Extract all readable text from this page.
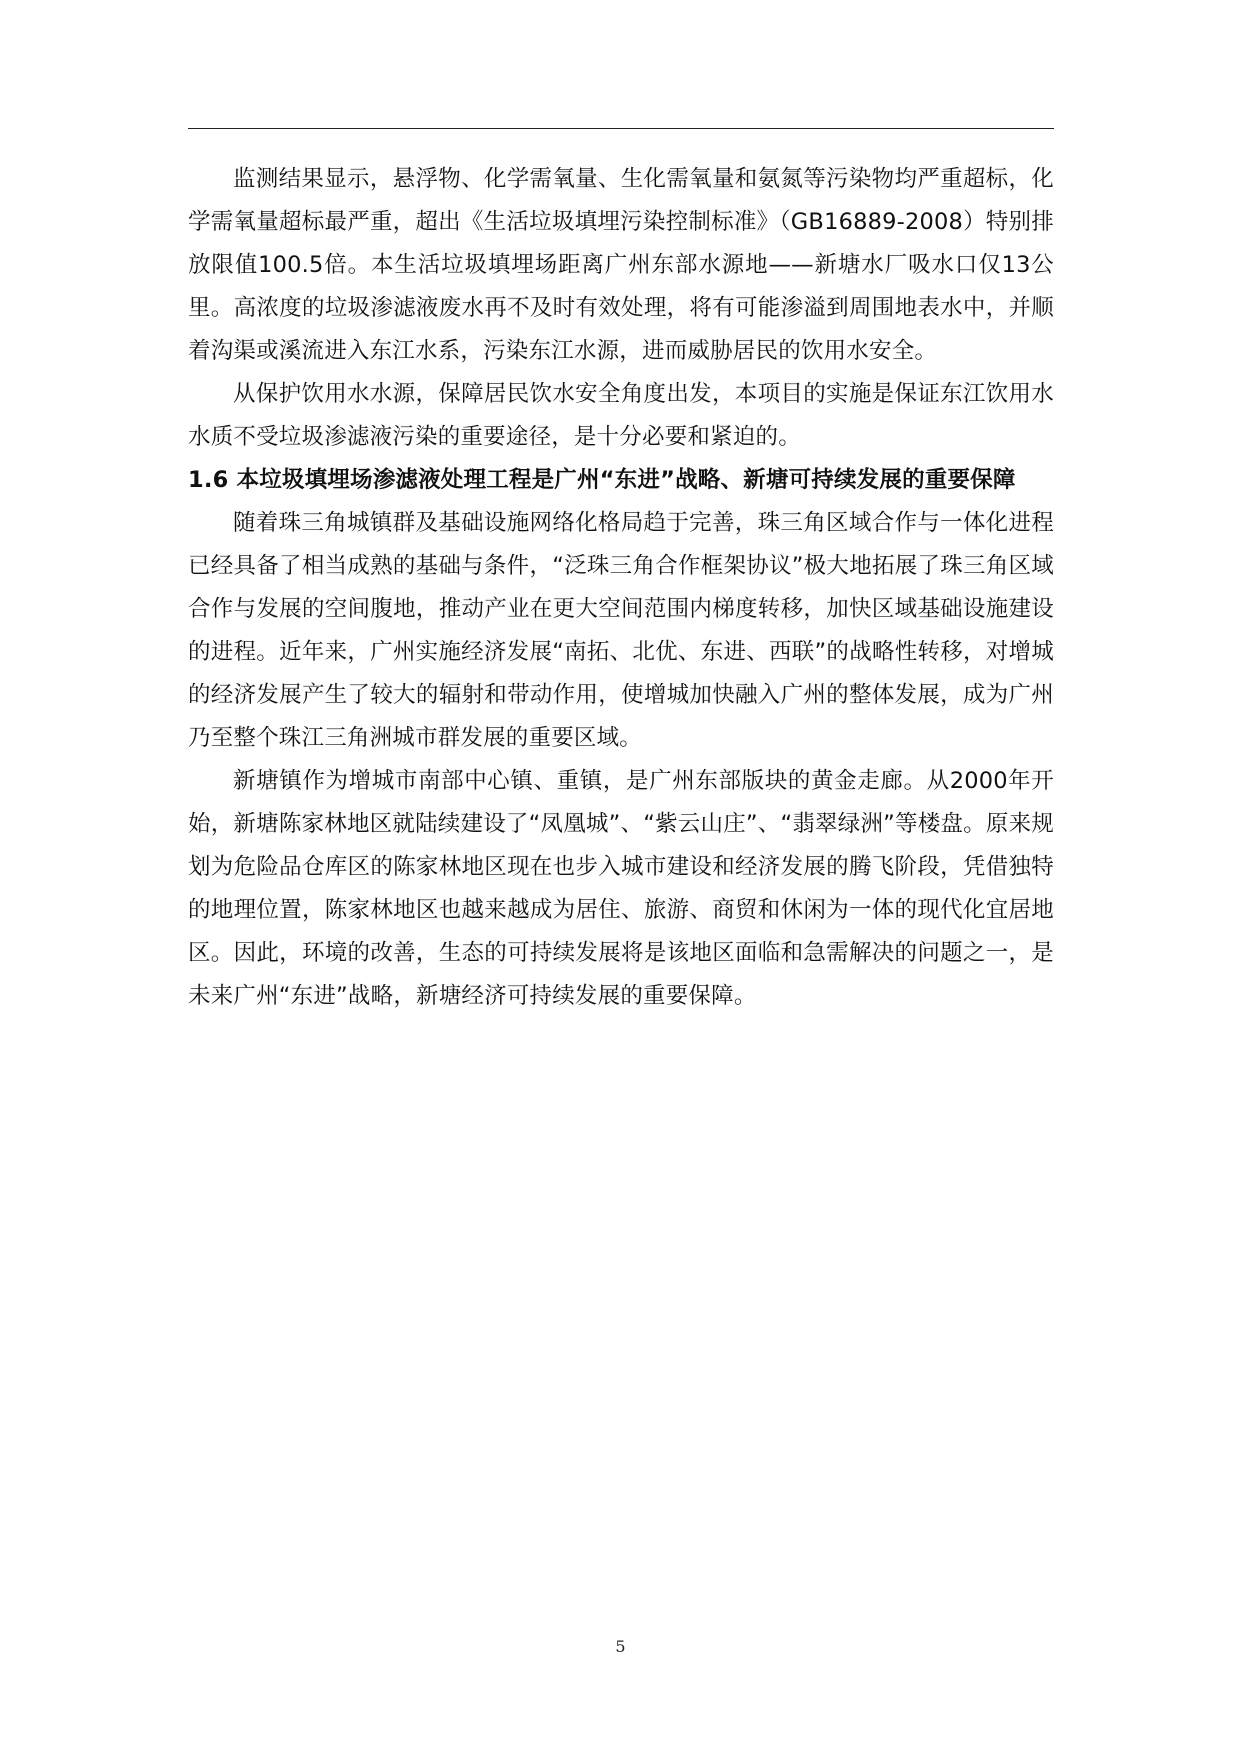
监测结果显示，悬浮物、化学需氧量、生化需氧量和氨氮等污染物均严重超标，化学需氧量超标最严重，超出《生活垃圾填埋污染控制标准》（GB16889-2008）特别排放限值100.5倍。本生活垃圾填埋场距离广州东部水源地——新塘水厂吸水口仅13公里。高浓度的垃圾渗滤液废水再不及时有效处理，将有可能渗溢到周围地表水中，并顺着沟渠或溪流进入东江水系，污染东江水源，进而威胁居民的饮用水安全。

从保护饮用水水源，保障居民饮水安全角度出发，本项目的实施是保证东江饮用水水质不受垃圾渗滤液污染的重要途径，是十分必要和紧迫的。

1.6 本垃圾填埋场渗滤液处理工程是广州“东进”战略、新塘可持续发展的重要保障

随着珠三角城镇群及基础设施网络化格局趋于完善，珠三角区域合作与一体化进程已经具备了相当成熟的基础与条件，“泛珠三角合作框架协议”极大地拓展了珠三角区域合作与发展的空间腹地，推动产业在更大空间范围内梯度转移，加快区域基础设施建设的进程。近年来，广州实施经济发展“南拓、北优、东进、西联”的战略性转移，对增城的经济发展产生了较大的辐射和带动作用，使增城加快融入广州的整体发展，成为广州乃至整个珠江三角洲城市群发展的重要区域。

新塘镇作为增城市南部中心镇、重镇，是广州东部版块的黄金走廊。从2000年开始，新塘陈家林地区就陆续建设了“凤凰城”、“紫云山庄”、“翡翠绿洲”等楼盘。原来规划为危险品仓库区的陈家林地区现在也步入城市建设和经济发展的腾飞阶段，凭借独特的地理位置，陈家林地区也越来越成为居住、旅游、商贸和休闲为一体的现代化宜居地区。因此，环境的改善，生态的可持续发展将是该地区面临和急需解决的问题之一，是未来广州“东进”战略，新塘经济可持续发展的重要保障。

5
